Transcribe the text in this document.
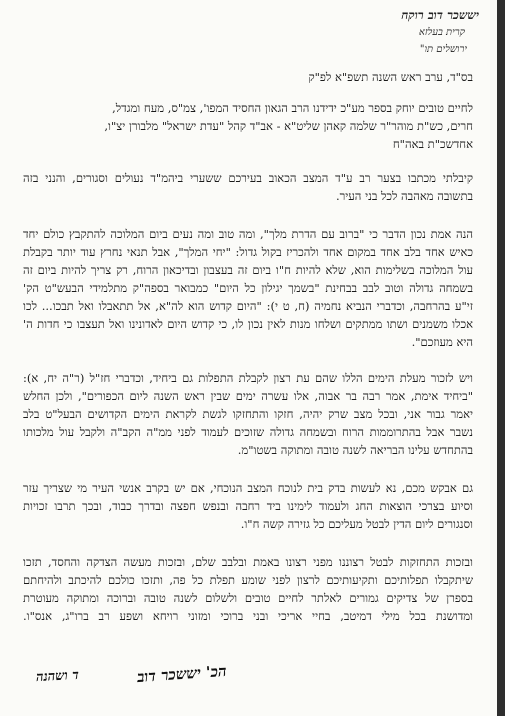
יששכר דוב רוקח
קרית בעלזא
ירושלים תו"
בס"ד, ערב ראש השנה תשפ"א לפ"ק
לחיים טובים יוחק בספר מע"כ ידידנו הרב הגאון החסיד המפו', צמ"ס, מעח ומגדל,
חרים, כש"ת מוהר"ר שלמה קאהן שליט"א - אב"ד קהל "עדת ישראל" מלבורן יצ"ו,
אחדשכ"ת באה"ח
קיבלתי מכתבו בצער רב ע"ד המצב הכאוב בעירכם ששערי ביהמ"ד נעולים וסגורים, והנני בזה
בתשובה מאהבה לכל בני העיר.
הנה אמת נכון הדבר כי "ברוב עם הדרת מלך", ומה טוב ומה נעים ביום המלוכה להתקבץ כולם יחד
כאיש אחד בלב אחד במקום אחד ולהכריז בקול גדול: "יחי המלך", אבל תנאי נחרץ עוד יותר בקבלת
עול המלוכה בשלימות הוא, שלא להיות ח"ו ביום זה בעצבון ובדיכאון הרוח, רק צריך להיות ביום זה
בשמחה גדולה וטוב לבב בבחינת "בשמך יגילון כל היום" כמבואר בספה"ק מתלמידי הבעש"ט הק'
זי"ע בהרחבה, וכדברי הנביא נחמיה (ח, ט י): "היום קדוש הוא לה"א, אל תתאבלו ואל תבכו... לכו
אכלו משמנים ושתו ממתקים ושלחו מנות לאין נכון לו, כי קדוש היום לאדונינו ואל תעצבו כי חדות ה'
היא מעוזכם".
ויש לזכור מעלת הימים הללו שהם עת רצון לקבלת התפלות גם ביחיד, וכדברי חז"ל (ר"ה יח, א):
"ביחיד אימת, אמר רבה בר אבוה, אלו עשרה ימים שבין ראש השנה ליום הכפורים", ולכן החלש
יאמר גבור אני, ובכל מצב שרק יהיה, חזקו והתחזקו לגשת לקראת הימים הקדושים הבעל"ט בלב
נשבר אבל בהתרוממות הרוח ובשמחה גדולה שזוכים לעמוד לפני ממ"ה הקב"ה ולקבל עול מלכותו
בהתחדש עלינו הבריאה לשנה טובה ומתוקה בשטו"מ.
גם אבקש מכם, נא לעשות בדק בית לנוכח המצב הנוכחי, אם יש בקרב אנשי העיר מי שצריך עזר
וסיוע בצרכי הוצאות החג ולעמוד לימינו ביד רחבה ובנפש חפצה ובדרך כבוד, ובכך תרבו זכויות
וסנגורים ליום הדין לבטל מעליכם כל גזירה קשה ח"ו.
ובזכות התחזקות לבטל רצוננו מפני רצונו באמת ובלבב שלם, ובזכות מעשה הצדקה והחסד, תזכו
שיתקבלו תפלותיכם ותקיעותיכם לרצון לפני שומע תפלת כל פה, ותזכו כולכם להיכתב ולהיחתם
בספרן של צדיקים גמורים לאלתר לחיים טובים ולשלום לשנה טובה וברוכה ומתוקה מעוטרת
ומדושנת בכל מילי דמיטב, בחיי אריכי ובני ברוכי ומזוני רויחא ושפע רב ברו"ג, אנס"ו.
הכ' יששכר דוב
ד ושהנה
